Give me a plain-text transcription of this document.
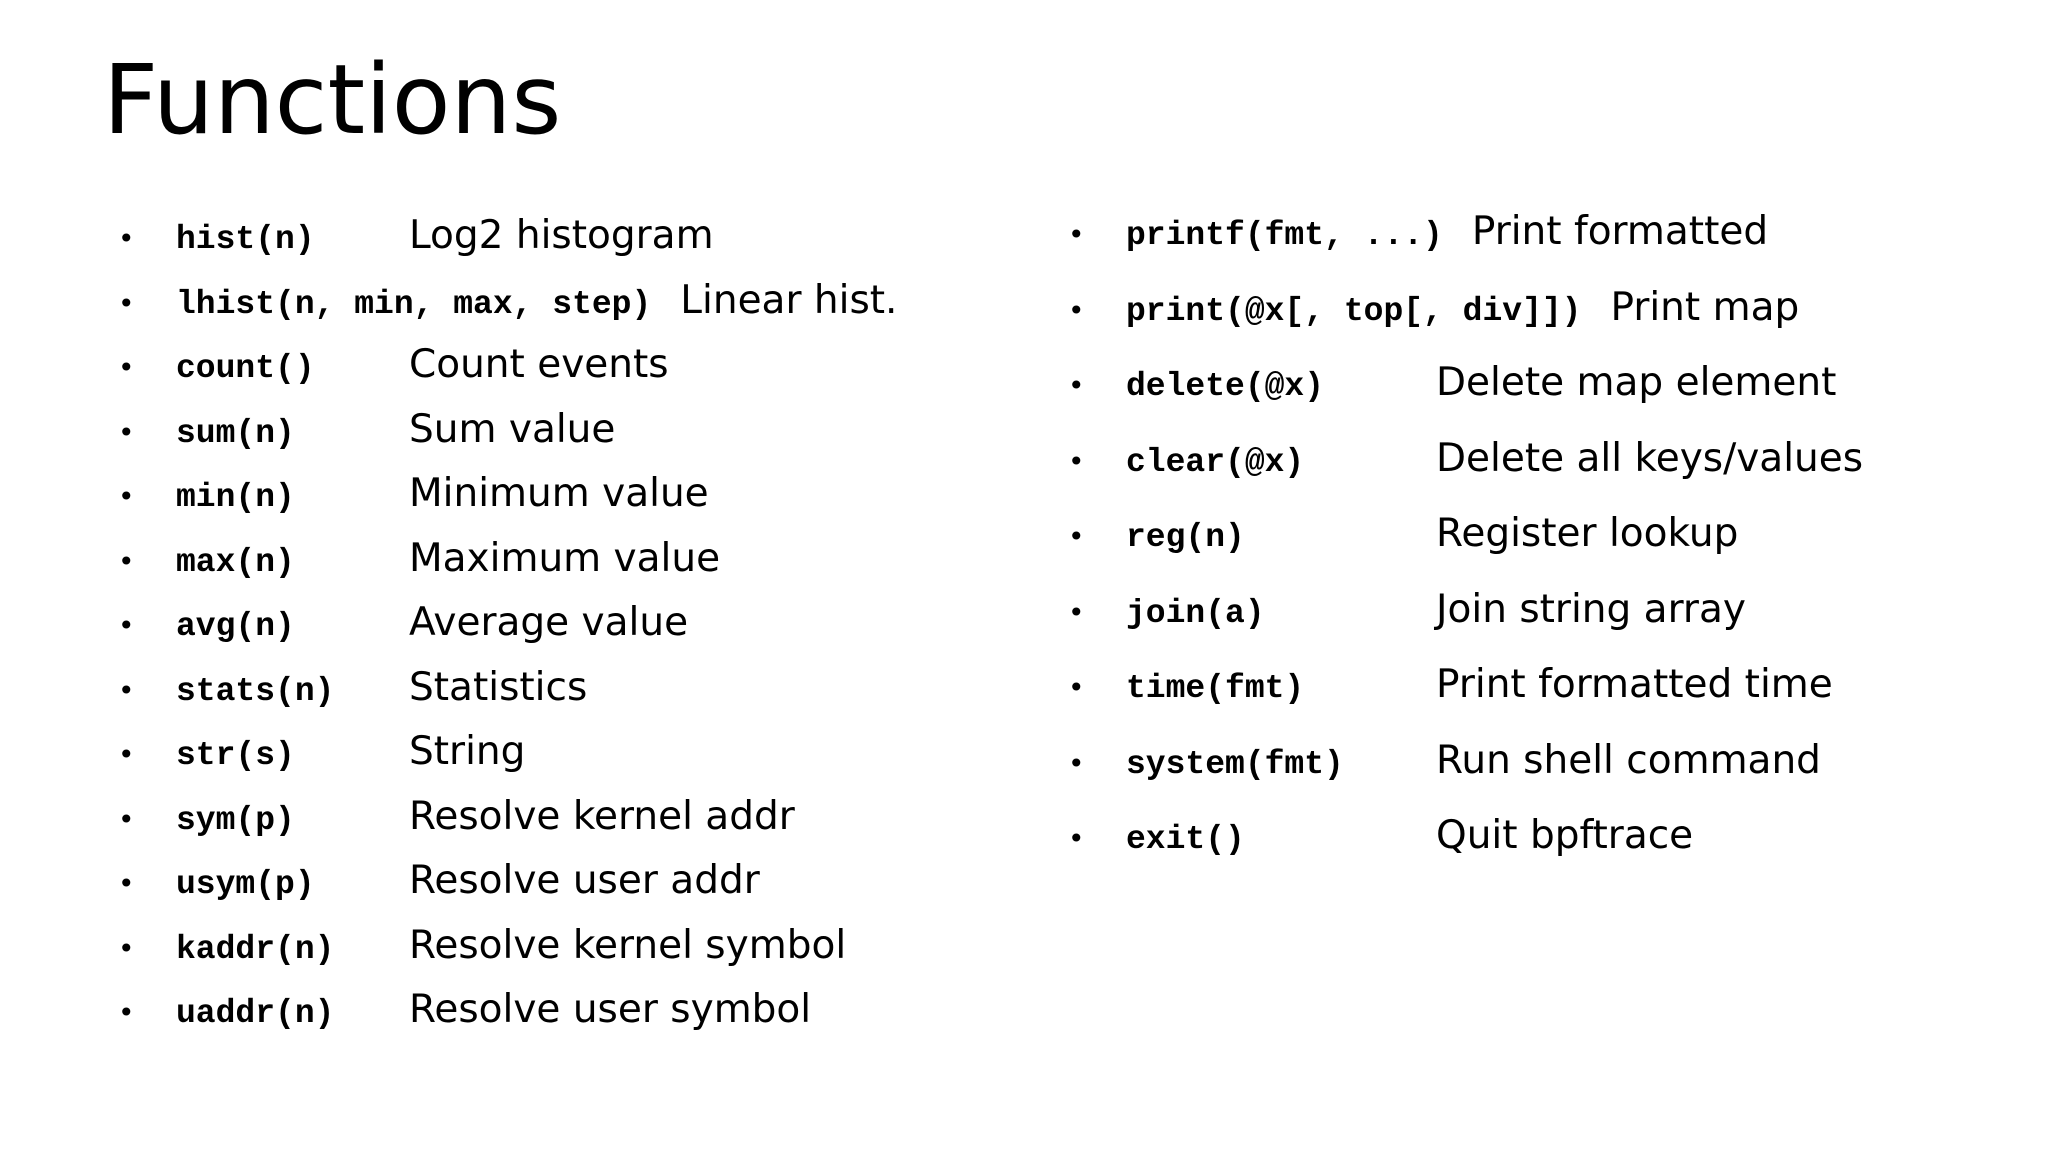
Functions
•	hist(n)	Log2 histogram
•	lhist(n, min, max, step) Linear hist.
•	count()	Count events
•	sum(n)	Sum value
•	min(n)	Minimum value
•	max(n)	Maximum value
•	avg(n)	Average value
•	stats(n)	Statistics
•	str(s)	String
•	sym(p)	Resolve kernel addr
•	usym(p)	Resolve user addr
•	kaddr(n)	Resolve kernel symbol
•	uaddr(n)	Resolve user symbol
•	printf(fmt, ...) Print formatted
•	print(@x[, top[, div]]) Print map
•	delete(@x)	Delete map element
•	clear(@x)	Delete all keys/values
•	reg(n)	Register lookup
•	join(a)	Join string array
•	time(fmt)	Print formatted time
•	system(fmt)	Run shell command
•	exit()	Quit bpftrace
